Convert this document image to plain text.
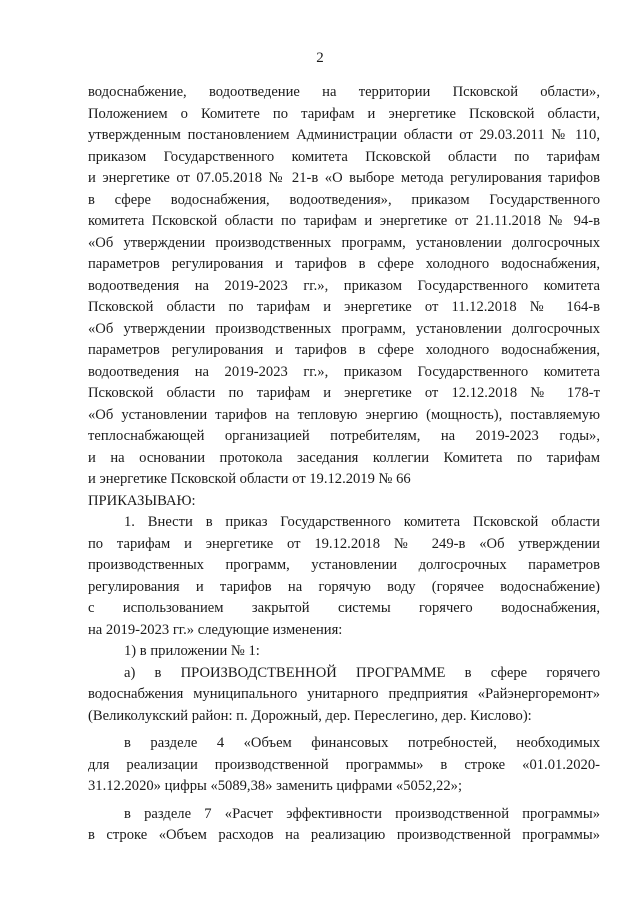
2
водоснабжение, водоотведение на территории Псковской области»,
Положением о Комитете по тарифам и энергетике Псковской области,
утвержденным постановлением Администрации области от 29.03.2011 № 110,
приказом Государственного комитета Псковской области по тарифам
и энергетике от 07.05.2018 № 21-в «О выборе метода регулирования тарифов
в сфере водоснабжения, водоотведения», приказом Государственного
комитета Псковской области по тарифам и энергетике от 21.11.2018 № 94-в
«Об утверждении производственных программ, установлении долгосрочных
параметров регулирования и тарифов в сфере холодного водоснабжения,
водоотведения на 2019-2023 гг.», приказом Государственного комитета
Псковской области по тарифам и энергетике от 11.12.2018 № 164-в
«Об утверждении производственных программ, установлении долгосрочных
параметров регулирования и тарифов в сфере холодного водоснабжения,
водоотведения на 2019-2023 гг.», приказом Государственного комитета
Псковской области по тарифам и энергетике от 12.12.2018 № 178-т
«Об установлении тарифов на тепловую энергию (мощность), поставляемую
теплоснабжающей организацией потребителям, на 2019-2023 годы»,
и на основании протокола заседания коллегии Комитета по тарифам
и энергетике Псковской области от 19.12.2019 № 66
ПРИКАЗЫВАЮ:
1. Внести в приказ Государственного комитета Псковской области
по тарифам и энергетике от 19.12.2018 № 249-в «Об утверждении
производственных программ, установлении долгосрочных параметров
регулирования и тарифов на горячую воду (горячее водоснабжение)
с использованием закрытой системы горячего водоснабжения,
на 2019-2023 гг.» следующие изменения:
1) в приложении № 1:
а) в ПРОИЗВОДСТВЕННОЙ ПРОГРАММЕ в сфере горячего
водоснабжения муниципального унитарного предприятия «Райэнергоремонт»
(Великолукский район: п. Дорожный, дер. Переслегино, дер. Кислово):
в разделе 4 «Объем финансовых потребностей, необходимых
для реализации производственной программы» в строке «01.01.2020-
31.12.2020» цифры «5089,38» заменить цифрами «5052,22»;
в разделе 7 «Расчет эффективности производственной программы»
в строке «Объем расходов на реализацию производственной программы»
